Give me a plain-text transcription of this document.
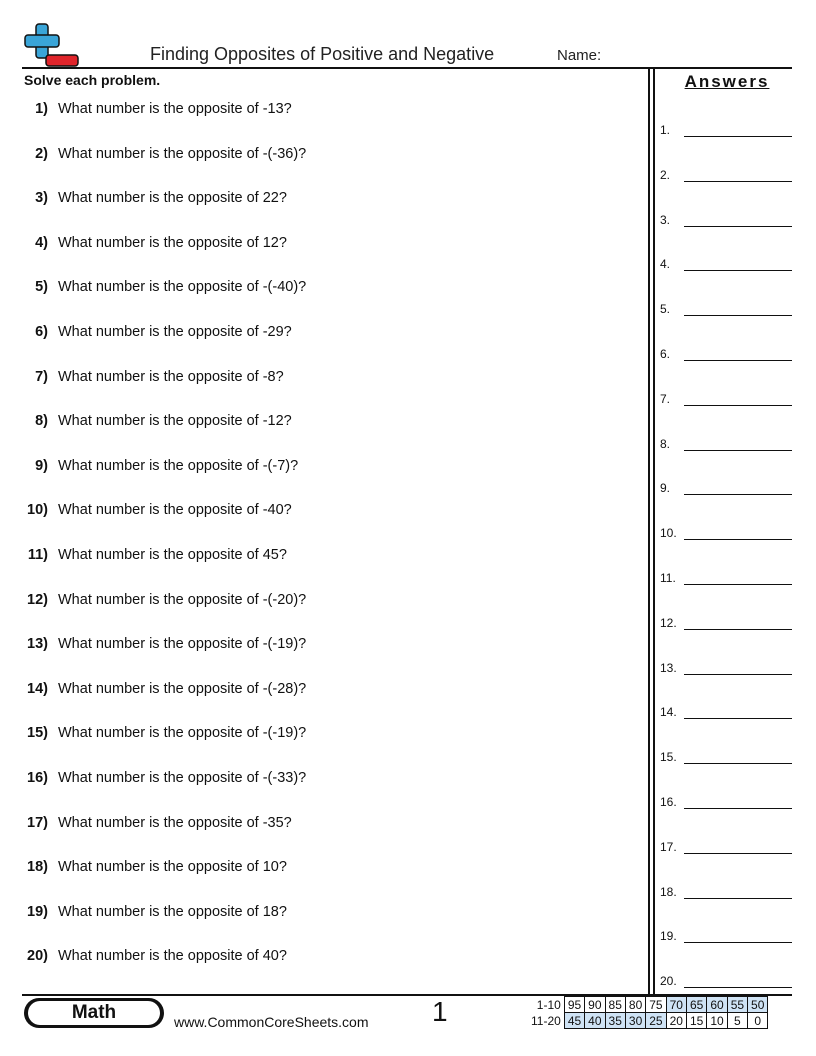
Finding Opposites of Positive and Negative	Name:
Solve each problem.	Answers
1) What number is the opposite of -13?
2) What number is the opposite of -(-36)?
3) What number is the opposite of 22?
4) What number is the opposite of 12?
5) What number is the opposite of -(-40)?
6) What number is the opposite of -29?
7) What number is the opposite of -8?
8) What number is the opposite of -12?
9) What number is the opposite of -(-7)?
10) What number is the opposite of -40?
11) What number is the opposite of 45?
12) What number is the opposite of -(-20)?
13) What number is the opposite of -(-19)?
14) What number is the opposite of -(-28)?
15) What number is the opposite of -(-19)?
16) What number is the opposite of -(-33)?
17) What number is the opposite of -35?
18) What number is the opposite of 10?
19) What number is the opposite of 18?
20) What number is the opposite of 40?
1.
2.
3.
4.
5.
6.
7.
8.
9.
10.
11.
12.
13.
14.
15.
16.
17.
18.
19.
20.
Math	www.CommonCoreSheets.com 1	1-10	95	90	85	80	75	70	65	60	55	50
11-20	45	40	35	30	25	20	15	10	5	0
